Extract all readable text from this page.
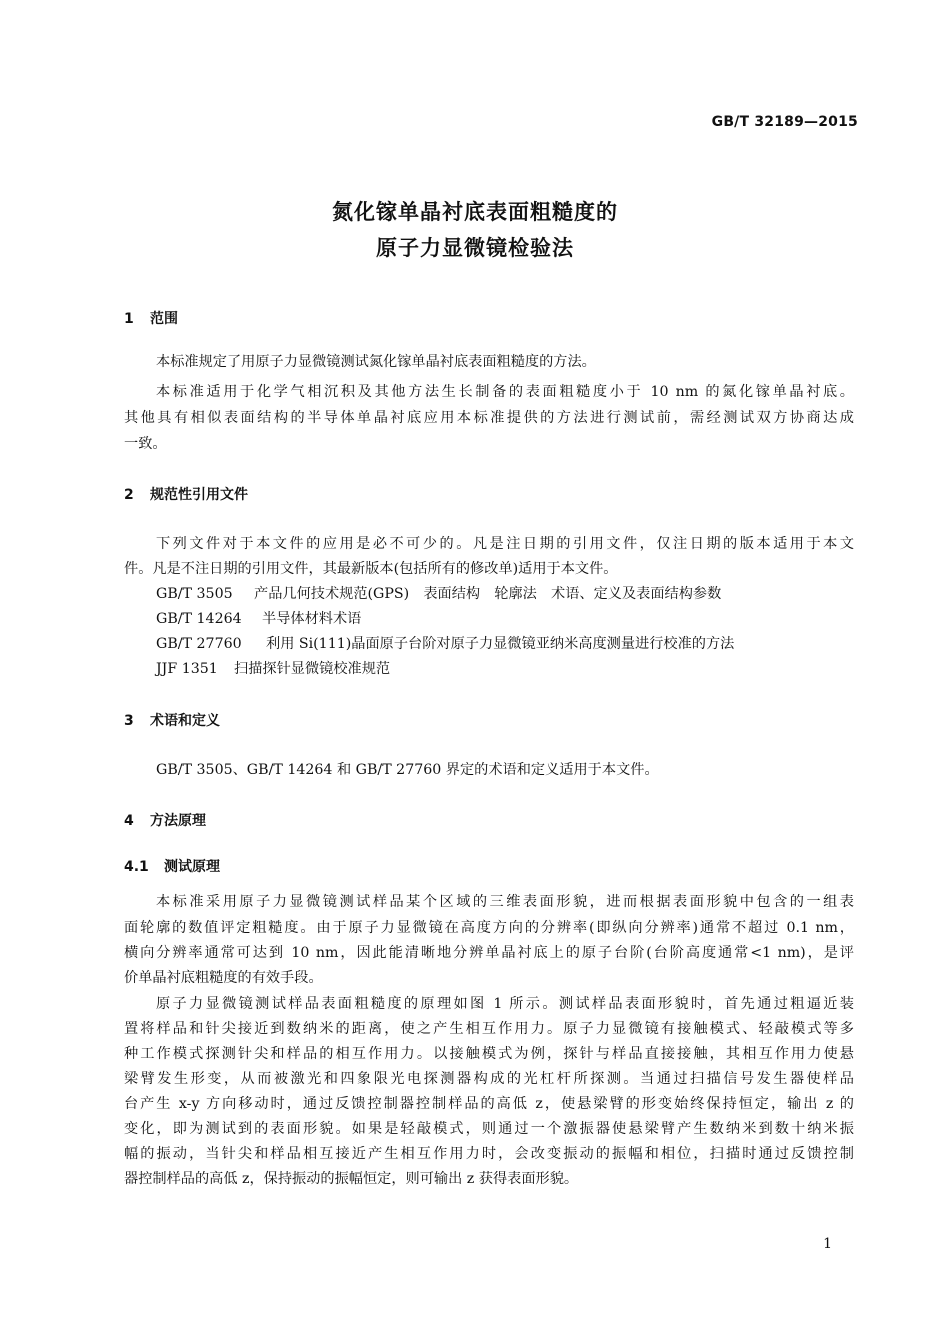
GB/T 32189—2015
氮化镓单晶衬底表面粗糙度的
原子力显微镜检验法
1 范围
本标准规定了用原子力显微镜测试氮化镓单晶衬底表面粗糙度的方法。
本标准适用于化学气相沉积及其他方法生长制备的表面粗糙度小于 10 nm 的氮化镓单晶衬底。
其他具有相似表面结构的半导体单晶衬底应用本标准提供的方法进行测试前，需经测试双方协商达成
一致。
2 规范性引用文件
下列文件对于本文件的应用是必不可少的。凡是注日期的引用文件，仅注日期的版本适用于本文
件。凡是不注日期的引用文件，其最新版本(包括所有的修改单)适用于本文件。
GB/T 3505 产品几何技术规范(GPS)　表面结构　轮廓法　术语、定义及表面结构参数
GB/T 14264 半导体材料术语
GB/T 27760 利用 Si(111)晶面原子台阶对原子力显微镜亚纳米高度测量进行校准的方法
JJF 1351 扫描探针显微镜校准规范
3 术语和定义
GB/T 3505、GB/T 14264 和 GB/T 27760 界定的术语和定义适用于本文件。
4 方法原理
4.1 测试原理
本标准采用原子力显微镜测试样品某个区域的三维表面形貌，进而根据表面形貌中包含的一组表
面轮廓的数值评定粗糙度。由于原子力显微镜在高度方向的分辨率(即纵向分辨率)通常不超过 0.1 nm，
横向分辨率通常可达到 10 nm，因此能清晰地分辨单晶衬底上的原子台阶(台阶高度通常<1 nm)，是评
价单晶衬底粗糙度的有效手段。
原子力显微镜测试样品表面粗糙度的原理如图 1 所示。测试样品表面形貌时，首先通过粗逼近装
置将样品和针尖接近到数纳米的距离，使之产生相互作用力。原子力显微镜有接触模式、轻敲模式等多
种工作模式探测针尖和样品的相互作用力。以接触模式为例，探针与样品直接接触，其相互作用力使悬
梁臂发生形变，从而被激光和四象限光电探测器构成的光杠杆所探测。当通过扫描信号发生器使样品
台产生 x-y 方向移动时，通过反馈控制器控制样品的高低 z，使悬梁臂的形变始终保持恒定，输出 z 的
变化，即为测试到的表面形貌。如果是轻敲模式，则通过一个激振器使悬梁臂产生数纳米到数十纳米振
幅的振动，当针尖和样品相互接近产生相互作用力时，会改变振动的振幅和相位，扫描时通过反馈控制
器控制样品的高低 z，保持振动的振幅恒定，则可输出 z 获得表面形貌。
1
